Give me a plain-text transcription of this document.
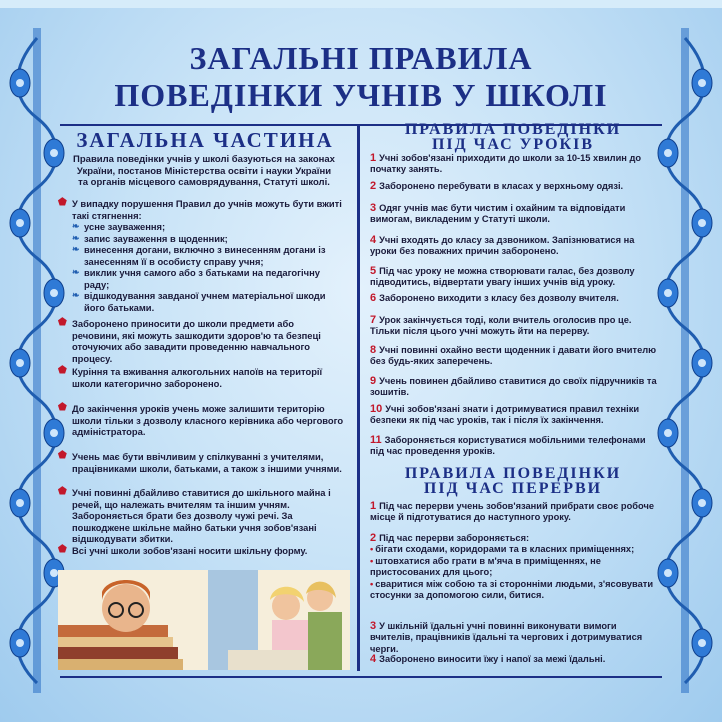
ЗАГАЛЬНІ ПРАВИЛА
ПОВЕДІНКИ УЧНІВ У ШКОЛІ
ЗАГАЛЬНА ЧАСТИНА
Правила поведінки учнів у школі базуються на законах України, постанов Міністерства освіти і науки України та органів місцевого самоврядування, Статуті школі.
⬟ У випадку порушення Правил до учнів можуть бути вжиті такі стягнення:
❧ усне зауваження;
❧ запис зауваження в щоденник;
❧ винесення догани, включно з винесенням догани із занесенням її в особисту справу учня;
❧ виклик учня самого або з батьками на педагогічну раду;
❧ відшкодування завданої учнем матеріальної шкоди його батьками.
⬟ Заборонено приносити до школи предмети або речовини, які можуть зашкодити здоров'ю та безпеці оточуючих або завадити проведенню навчального процесу.
⬟ Куріння та вживання алкогольних напоїв на території школи категорично заборонено.
⬟ До закінчення уроків учень може залишити територію школи тільки з дозволу класного керівника або чергового адміністратора.
⬟ Учень має бути ввічливим у спілкуванні з учителями, працівниками школи, батьками, а також з іншими учнями.
⬟ Учні повинні дбайливо ставитися до шкільного майна і речей, що належать вчителям та іншим учням. Забороняється брати без дозволу чужі речі. За пошкоджене шкільне майно батьки учня зобов'язані відшкодувати збитки.
⬟ Всі учні школи зобов'язані носити шкільну форму.
ПРАВИЛА ПОВЕДІНКИ
ПІД ЧАС УРОКІВ
1 Учні зобов'язані приходити до школи за 10-15 хвилин до початку занять.
2 Заборонено перебувати в класах у верхньому одязі.
3 Одяг учнів має бути чистим і охайним та відповідати вимогам, викладеним у Статуті школи.
4 Учні входять до класу за дзвоником. Запізнюватися на уроки без поважних причин заборонено.
5 Під час уроку не можна створювати галас, без дозволу підводитись, відвертати увагу інших учнів від уроку.
6 Заборонено виходити з класу без дозволу вчителя.
7 Урок закінчується тоді, коли вчитель оголосив про це. Тільки після цього учні можуть йти на перерву.
8 Учні повинні охайно вести щоденник і давати його вчителю без будь-яких заперечень.
9 Учень повинен дбайливо ставитися до своїх підручників та зошитів.
10 Учні зобов'язані знати і дотримуватися правил техніки безпеки як під час уроків, так і після їх закінчення.
11 Забороняється користуватися мобільними телефонами під час проведення уроків.
ПРАВИЛА ПОВЕДІНКИ
ПІД ЧАС ПЕРЕРВИ
1 Під час перерви учень зобов'язаний прибрати своє робоче місце й підготуватися до наступного уроку.
2 Під час перерви забороняється:
• бігати сходами, коридорами та в класних приміщеннях;
• штовхатися або грати в м'яча в приміщеннях, не пристосованих для цього;
• сваритися між собою та зі сторонніми людьми, з'ясовувати стосунки за допомогою сили, битися.
3 У шкільній їдальні учні повинні виконувати вимоги вчителів, працівників їдальні та чергових і дотримуватися черги.
4 Заборонено виносити їжу і напої за межі їдальні.
